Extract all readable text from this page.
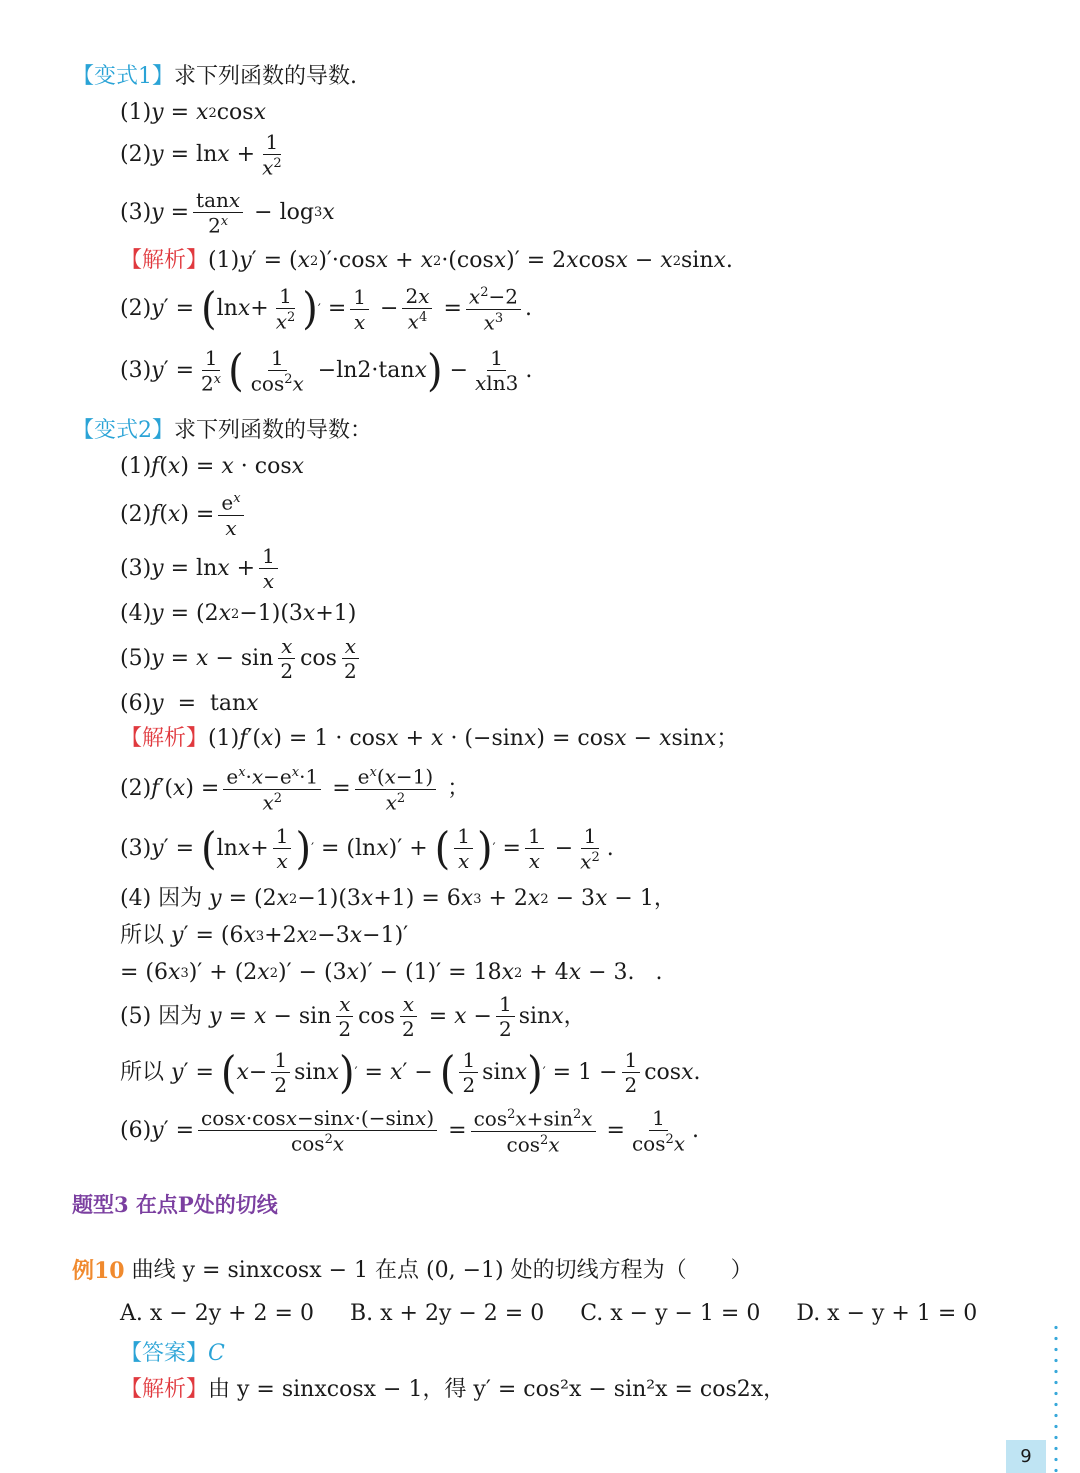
【变式1】 求下列函数的导数.
(1) y = x 2 cos x
(2) y = ln x + 1
$x^2$
(3) y = tanx
$2^x - \log 3$ x
【解析】 (1) y ′ = ( x 2 )′·cos x + x 2 ·(cos x )′ = 2 x cos x − x 2 sin x .
(2) y ′ = ( ln x + 1
$x^2$ ) ′ = 1
x
− 2x
$x^4 = x^2-2$
$x^3$ .
(3) y ′ = 1
2$^x$ ( 1
$\cos^2x$
−ln2·tan x ) − 1
xln3
.
【变式2】 求下列函数的导数：
(1) f ( x ) = x · cos x
(2) f ( x ) = $e^x$
x
(3) y = ln x + 1
x
(4) y = (2 x 2 −1)(3 x +1)
(5) y = x − sin x
2
cos x
2
(6) y =  tan x
【解析】 (1) f ′( x ) = 1 · cos x + x · (−sin x ) = cos x − x sin x ；
(2) f ′( x ) = $e^x\cdot x-e^x\cdot 1$
$x^2 = e^x(x-1)$
$x^2$ ；
(3) y ′ = ( ln x + 1
x ) ′ = (ln x )′ + ( 1
x ) ′ = 1
x
− 1
$x^2$ .
(4) 因为
y = (2 x 2 −1)(3 x +1) = 6 x 3 + 2 x 2 − 3 x − 1，
所以
y ′ = (6 x 3 +2 x 2 −3 x −1)′
= (6 x 3 )′ + (2 x 2 )′ − (3 x )′ − (1)′ = 18 x 2 + 4 x − 3.   .
(5) 因为
y = x − sin x
2
cos x
2
= x − 1
2
sin x ，
所以
y ′ = ( x − 1
2
sin x ) ′ = x ′ − ( 1
2
sin x ) ′ = 1 − 1
2
cos x .
(6) y ′ = cosx·cosx−sinx·(−sinx)
$\cos^2x$
= $\cos^2x+\sin^2x$
$\cos^2x$
= 1
$\cos^2x$
.
题型3 在点P处的切线
例10
曲线 y = sinxcosx − 1 在点 (0, −1) 处的切线方程为（　　）
A. x − 2y + 2 = 0 B. x + 2y − 2 = 0 C. x − y − 1 = 0 D. x − y + 1 = 0
【答案】 C
【解析】 由 y = sinxcosx − 1，得 y′ = cos²x − sin²x = cos2x，
9
